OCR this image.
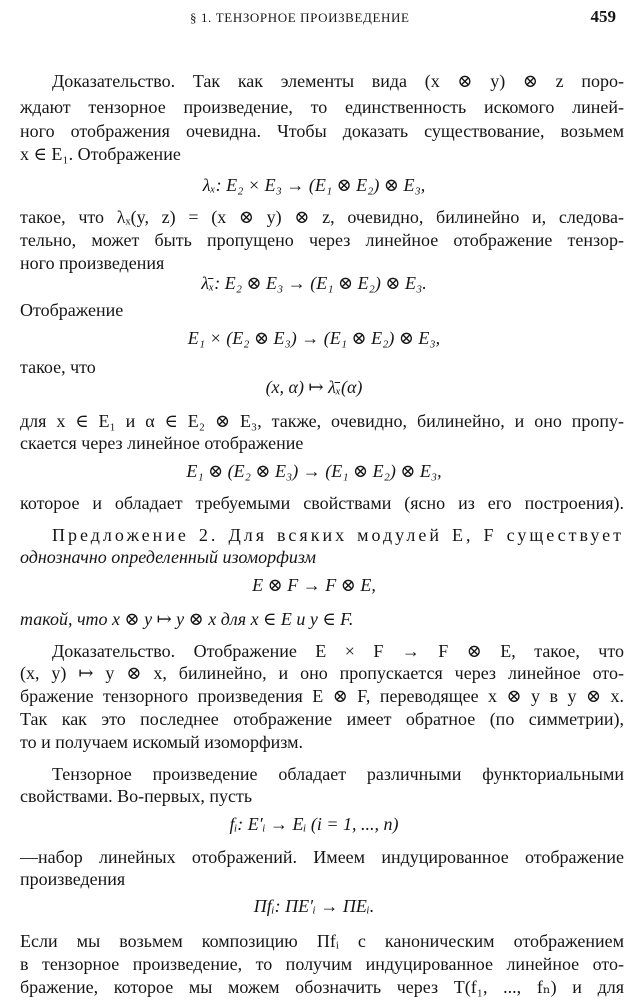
§ 1. ТЕНЗОРНОЕ ПРОИЗВЕДЕНИЕ	459
Доказательство. Так как элементы вида (x ⊗ y) ⊗ z поро-
ждают тензорное произведение, то единственность искомого линей-
ного отображения очевидна. Чтобы доказать существование, возьмем
x ∈ E₁. Отображение
λₓ: E₂ × E₃ → (E₁ ⊗ E₂) ⊗ E₃,
такое, что λₓ(y, z) = (x ⊗ y) ⊗ z, очевидно, билинейно и, следова-
тельно, может быть пропущено через линейное отображение тензор-
ного произведения
λ̄ₓ: E₂ ⊗ E₃ → (E₁ ⊗ E₂) ⊗ E₃.
Отображение
E₁ × (E₂ ⊗ E₃) → (E₁ ⊗ E₂) ⊗ E₃,
такое, что
(x, α) ↦ λ̄ₓ(α)
для x ∈ E₁ и α ∈ E₂ ⊗ E₃, также, очевидно, билинейно, и оно пропу-
скается через линейное отображение
E₁ ⊗ (E₂ ⊗ E₃) → (E₁ ⊗ E₂) ⊗ E₃,
которое и обладает требуемыми свойствами (ясно из его построения).
Предложение 2. Для всяких модулей E, F существует
однозначно определенный изоморфизм
E ⊗ F → F ⊗ E,
такой, что x ⊗ y ↦ y ⊗ x для x ∈ E и y ∈ F.
Доказательство. Отображение E × F → F ⊗ E, такое, что
(x, y) ↦ y ⊗ x, билинейно, и оно пропускается через линейное ото-
бражение тензорного произведения E ⊗ F, переводящее x ⊗ y в y ⊗ x.
Так как это последнее отображение имеет обратное (по симметрии),
то и получаем искомый изоморфизм.
Тензорное произведение обладает различными функториальными
свойствами. Во-первых, пусть
fᵢ: E′ᵢ → Eᵢ (i = 1, ..., n)
—набор линейных отображений. Имеем индуцированное отображение
произведения
Πfᵢ: ΠE′ᵢ → ΠEᵢ.
Если мы возьмем композицию Πfᵢ с каноническим отображением
в тензорное произведение, то получим индуцированное линейное ото-
бражение, которое мы можем обозначить через T(f₁, ..., fₙ) и для
